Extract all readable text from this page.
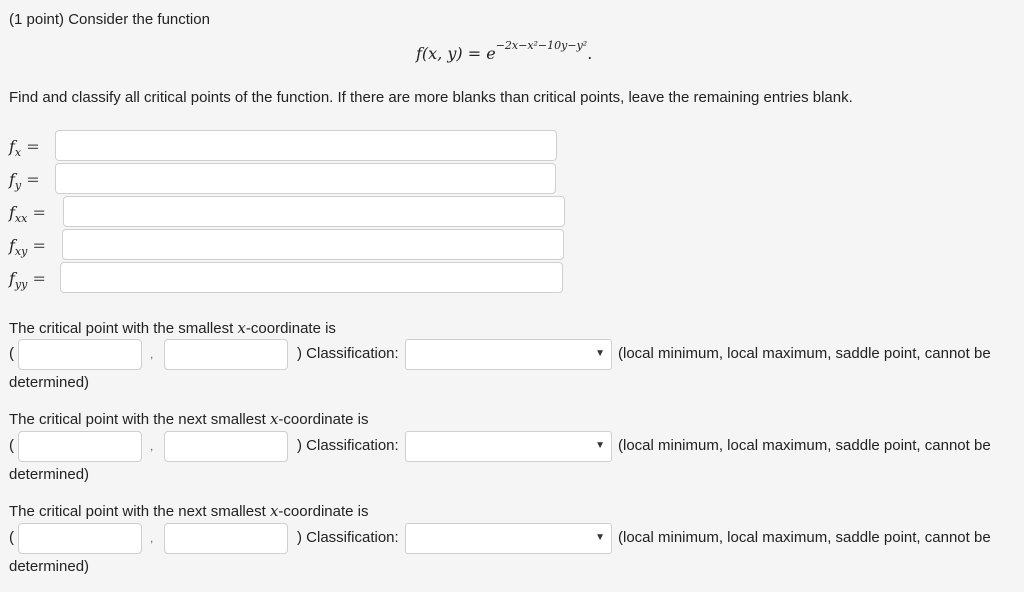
(1 point) Consider the function
f(x, $y) = e^{-2x-x^2-10y-y^2}$.
Find and classify all critical points of the function. If there are more blanks than critical points, leave the remaining entries blank.
$f_x$ =
$f_y$ =
$f_{xx}$ =
$f_{xy}$ =
$f_{yy}$ =
The critical point with the smallest x-coordinate is
(	,	) Classification:	▼ (local minimum, local maximum, saddle point, cannot be
determined)
The critical point with the next smallest x-coordinate is
(	,	) Classification:	▼ (local minimum, local maximum, saddle point, cannot be
determined)
The critical point with the next smallest x-coordinate is
(	,	) Classification:	▼ (local minimum, local maximum, saddle point, cannot be
determined)
